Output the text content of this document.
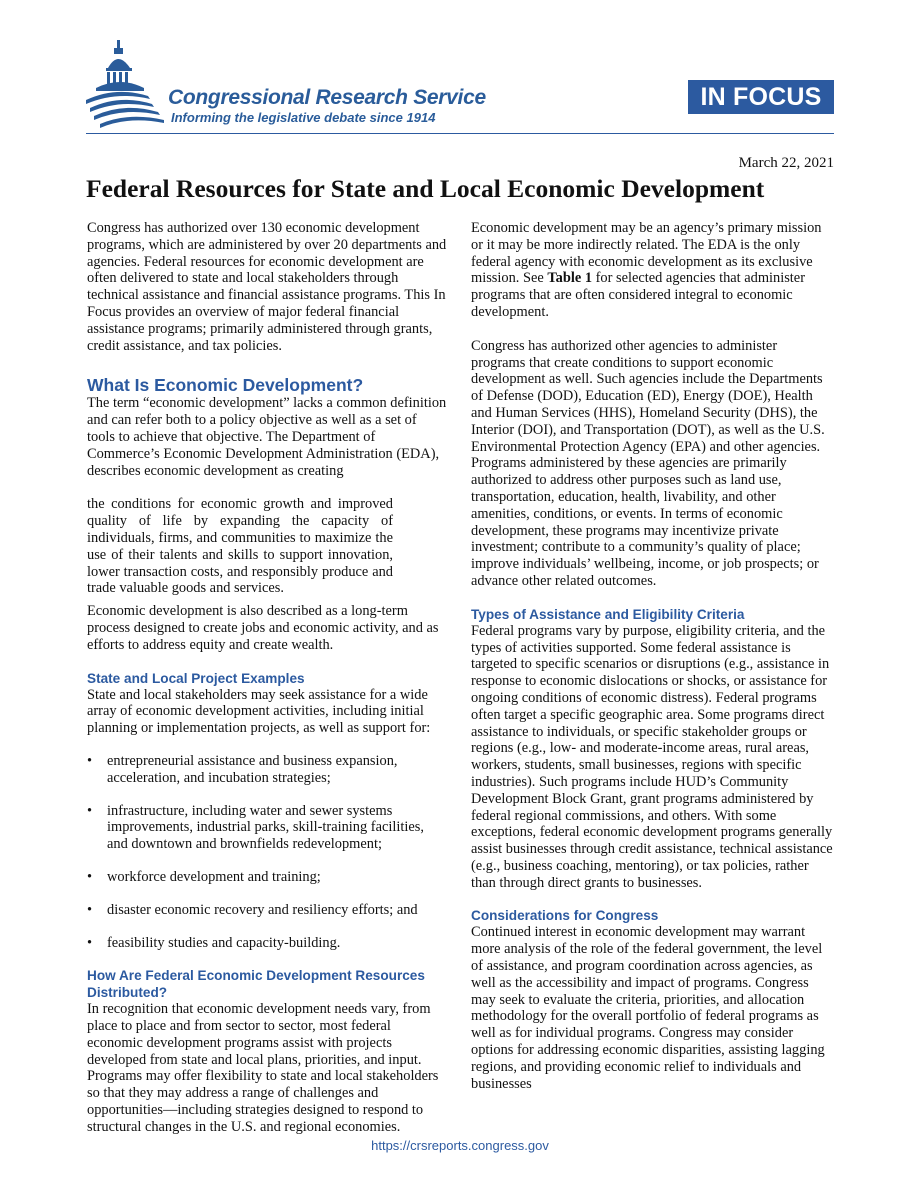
Congressional Research Service
Informing the legislative debate since 1914
IN FOCUS
March 22, 2021
Federal Resources for State and Local Economic Development

Congress has authorized over 130 economic development programs, which are administered by over 20 departments and agencies. Federal resources for economic development are often delivered to state and local stakeholders through technical assistance and financial assistance programs. This In Focus provides an overview of major federal financial assistance programs; primarily administered through grants, credit assistance, and tax policies.

What Is Economic Development?

The term “economic development” lacks a common definition and can refer both to a policy objective as well as a set of tools to achieve that objective. The Department of Commerce’s Economic Development Administration (EDA), describes economic development as creating

the conditions for economic growth and improved quality of life by expanding the capacity of individuals, firms, and communities to maximize the use of their talents and skills to support innovation, lower transaction costs, and responsibly produce and trade valuable goods and services.

Economic development is also described as a long-term process designed to create jobs and economic activity, and as efforts to address equity and create wealth.

State and Local Project Examples

State and local stakeholders may seek assistance for a wide array of economic development activities, including initial planning or implementation projects, as well as support for:

•	entrepreneurial assistance and business expansion, acceleration, and incubation strategies;
•	infrastructure, including water and sewer systems improvements, industrial parks, skill-training facilities, and downtown and brownfields redevelopment;
•	workforce development and training;
•	disaster economic recovery and resiliency efforts; and
•	feasibility studies and capacity-building.

How Are Federal Economic Development Resources Distributed?

In recognition that economic development needs vary, from place to place and from sector to sector, most federal economic development programs assist with projects developed from state and local plans, priorities, and input. Programs may offer flexibility to state and local stakeholders so that they may address a range of challenges and opportunities—including strategies designed to respond to structural changes in the U.S. and regional economies.

Economic development may be an agency’s primary mission or it may be more indirectly related. The EDA is the only federal agency with economic development as its exclusive mission. See Table 1 for selected agencies that administer programs that are often considered integral to economic development.

Congress has authorized other agencies to administer programs that create conditions to support economic development as well. Such agencies include the Departments of Defense (DOD), Education (ED), Energy (DOE), Health and Human Services (HHS), Homeland Security (DHS), the Interior (DOI), and Transportation (DOT), as well as the U.S. Environmental Protection Agency (EPA) and other agencies. Programs administered by these agencies are primarily authorized to address other purposes such as land use, transportation, education, health, livability, and other amenities, conditions, or events. In terms of economic development, these programs may incentivize private investment; contribute to a community’s quality of place; improve individuals’ wellbeing, income, or job prospects; or advance other related outcomes.

Types of Assistance and Eligibility Criteria

Federal programs vary by purpose, eligibility criteria, and the types of activities supported. Some federal assistance is targeted to specific scenarios or disruptions (e.g., assistance in response to economic dislocations or shocks, or assistance for ongoing conditions of economic distress). Federal programs often target a specific geographic area. Some programs direct assistance to individuals, or specific stakeholder groups or regions (e.g., low- and moderate-income areas, rural areas, workers, students, small businesses, regions with specific industries). Such programs include HUD’s Community Development Block Grant, grant programs administered by federal regional commissions, and others. With some exceptions, federal economic development programs generally assist businesses through credit assistance, technical assistance (e.g., business coaching, mentoring), or tax policies, rather than through direct grants to businesses.

Considerations for Congress

Continued interest in economic development may warrant more analysis of the role of the federal government, the level of assistance, and program coordination across agencies, as well as the accessibility and impact of programs. Congress may seek to evaluate the criteria, priorities, and allocation methodology for the overall portfolio of federal programs as well as for individual programs. Congress may consider options for addressing economic disparities, assisting lagging regions, and providing economic relief to individuals and businesses

https://crsreports.congress.gov
